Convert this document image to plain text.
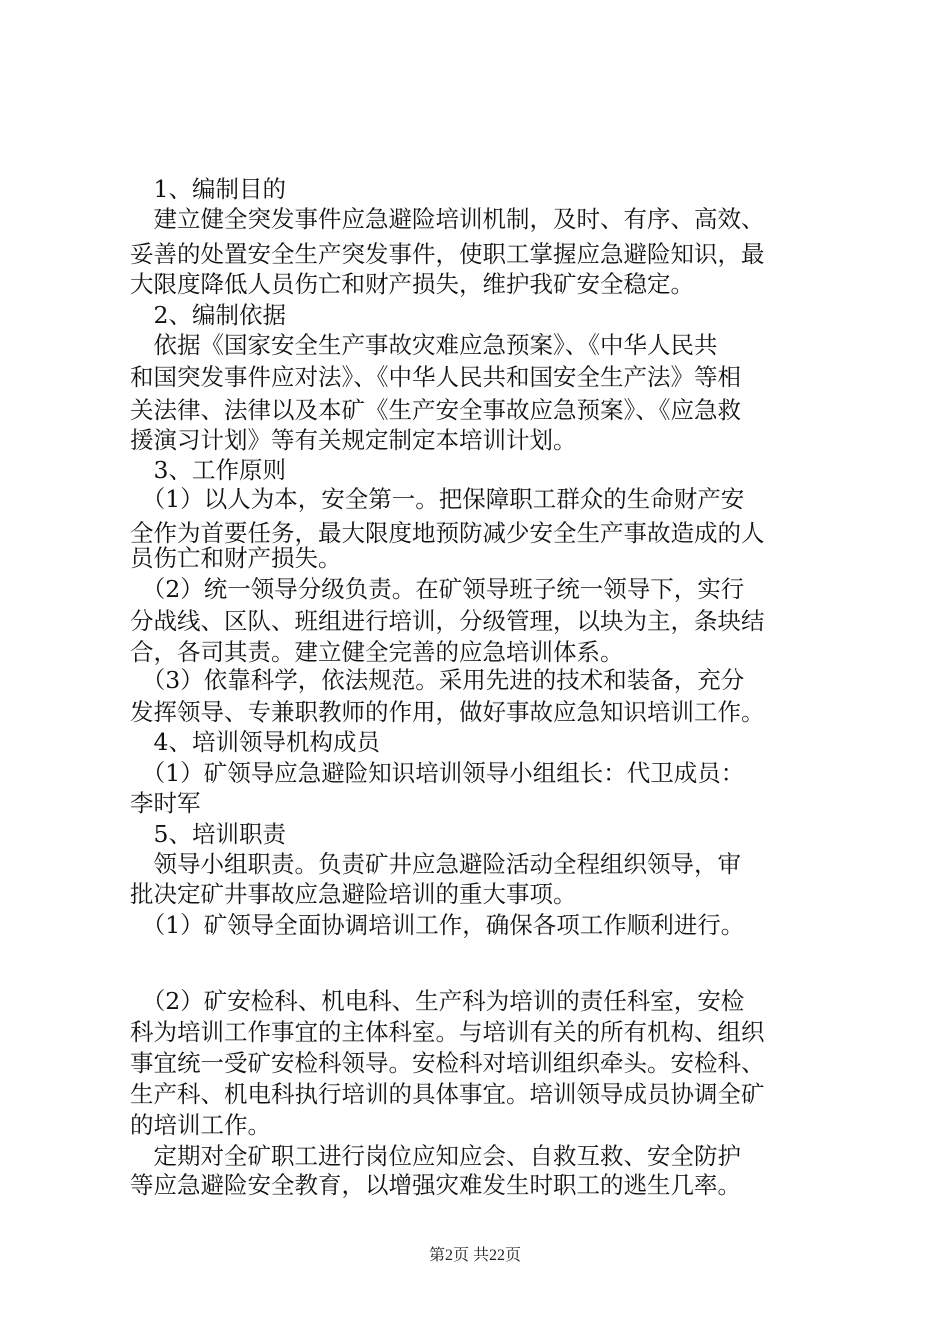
　1、编制目的
　建立健全突发事件应急避险培训机制，及时、有序、高效、
妥善的处置安全生产突发事件，使职工掌握应急避险知识，最
大限度降低人员伤亡和财产损失，维护我矿安全稳定。
　2、编制依据
　依据《国家安全生产事故灾难应急预案》、《中华人民共
和国突发事件应对法》、《中华人民共和国安全生产法》等相
关法律、法律以及本矿《生产安全事故应急预案》、《应急救
援演习计划》等有关规定制定本培训计划。
　3、工作原则
　（1）以人为本，安全第一。把保障职工群众的生命财产安
全作为首要任务，最大限度地预防减少安全生产事故造成的人
员伤亡和财产损失。
　（2）统一领导分级负责。在矿领导班子统一领导下，实行
分战线、区队、班组进行培训，分级管理，以块为主，条块结
合，各司其责。建立健全完善的应急培训体系。
　（3）依靠科学，依法规范。采用先进的技术和装备，充分
发挥领导、专兼职教师的作用，做好事故应急知识培训工作。
　4、培训领导机构成员
　（1）矿领导应急避险知识培训领导小组组长：代卫成员：
李时军
　5、培训职责
　领导小组职责。负责矿井应急避险活动全程组织领导，审
批决定矿井事故应急避险培训的重大事项。
　（1）矿领导全面协调培训工作，确保各项工作顺利进行。
　（2）矿安检科、机电科、生产科为培训的责任科室，安检
科为培训工作事宜的主体科室。与培训有关的所有机构、组织
事宜统一受矿安检科领导。安检科对培训组织牵头。安检科、
生产科、机电科执行培训的具体事宜。培训领导成员协调全矿
的培训工作。
　定期对全矿职工进行岗位应知应会、自救互救、安全防护
等应急避险安全教育，以增强灾难发生时职工的逃生几率。
第2页 共22页
